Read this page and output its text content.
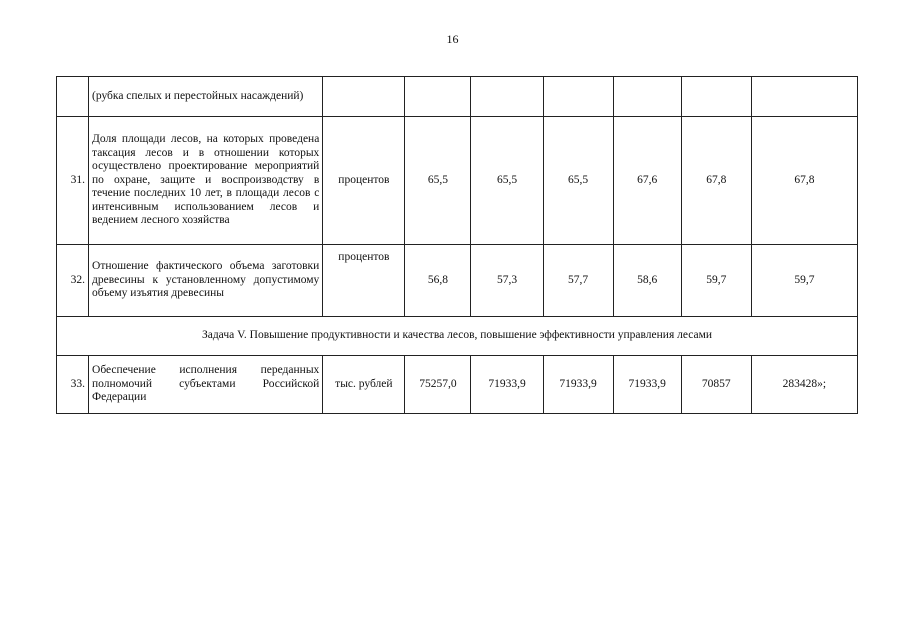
16
	(рубка спелых и перестойных насаждений)							
31.	Доля площади лесов, на которых проведена таксация лесов и в отношении которых осуществлено проектирование мероприятий по охране, защите и воспроизводству в течение последних 10 лет, в площади лесов с интенсивным использованием лесов и ведением лесного хозяйства	процентов	65,5	65,5	65,5	67,6	67,8	67,8
32.	Отношение фактического объема заготовки древесины к установленному допустимому объему изъятия древесины	процентов	56,8	57,3	57,7	58,6	59,7	59,7
Задача V. Повышение продуктивности и качества лесов, повышение эффективности управления лесами								
33.	Обеспечение исполнения переданных полномочий субъектами Российской Федерации	тыс. рублей	75257,0	71933,9	71933,9	71933,9	70857	283428»;
